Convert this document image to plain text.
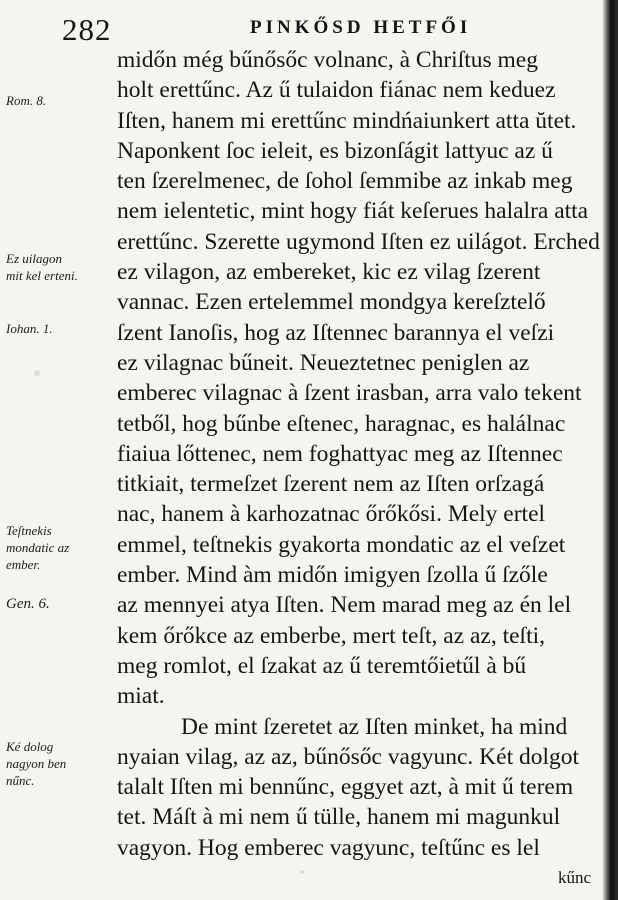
282	PINKŐSD HETFŐI
midőn még bűnősőc volnanc, à Chriſtus meg
holt erettűnc. Az ű tulaidon fiánac nem keduez
Iſten, hanem mi erettűnc mindńaiunkert atta ŭtet.
Naponkent ſoc ieleit, es bizonſágit lattyuc az ű
ten ſzerelmenec, de ſohol ſemmibe az inkab meg
nem ielentetic, mint hogy fiát keſerues halalra atta
erettűnc. Szerette ugymond Iſten ez uilágot. Erched
ez vilagon, az embereket, kic ez vilag ſzerent
vannac. Ezen ertelemmel mondgya kereſztelő
ſzent Ianoſis, hog az Iſtennec barannya el veſzi
ez vilagnac bűneit. Neueztetnec peniglen az
emberec vilagnac à ſzent irasban, arra valo tekent
tetből, hog bűnbe eſtenec, haragnac, es halálnac
fiaiua lőttenec, nem foghattyac meg az Iſtennec
titkiait, termeſzet ſzerent nem az Iſten orſzagá
nac, hanem à karhozatnac őrőkősi. Mely ertel
emmel, teſtnekis gyakorta mondatic az el veſzet
ember. Mind àm midőn imigyen ſzolla ű ſzőle
az mennyei atya Iſten. Nem marad meg az én lel
kem őrőkce az emberbe, mert teſt, az az, teſti,
meg romlot, el ſzakat az ű teremtőietűl à bű
miat.
De mint ſzeretet az Iſten minket, ha mind
nyaian vilag, az az, bűnősőc vagyunc. Két dolgot
talalt Iſten mi bennűnc, eggyet azt, à mit ű terem
tet. Máſt à mi nem ű tülle, hanem mi magunkul
vagyon. Hog emberec vagyunc, teſtűnc es lel
kűnc
Rom. 8.
Ez uilagon
mit kel erteni.
Iohan. 1.
Teſtnekis
mondatic az
ember.
Gen. 6.
Ké dolog
nagyon ben
nűnc.
